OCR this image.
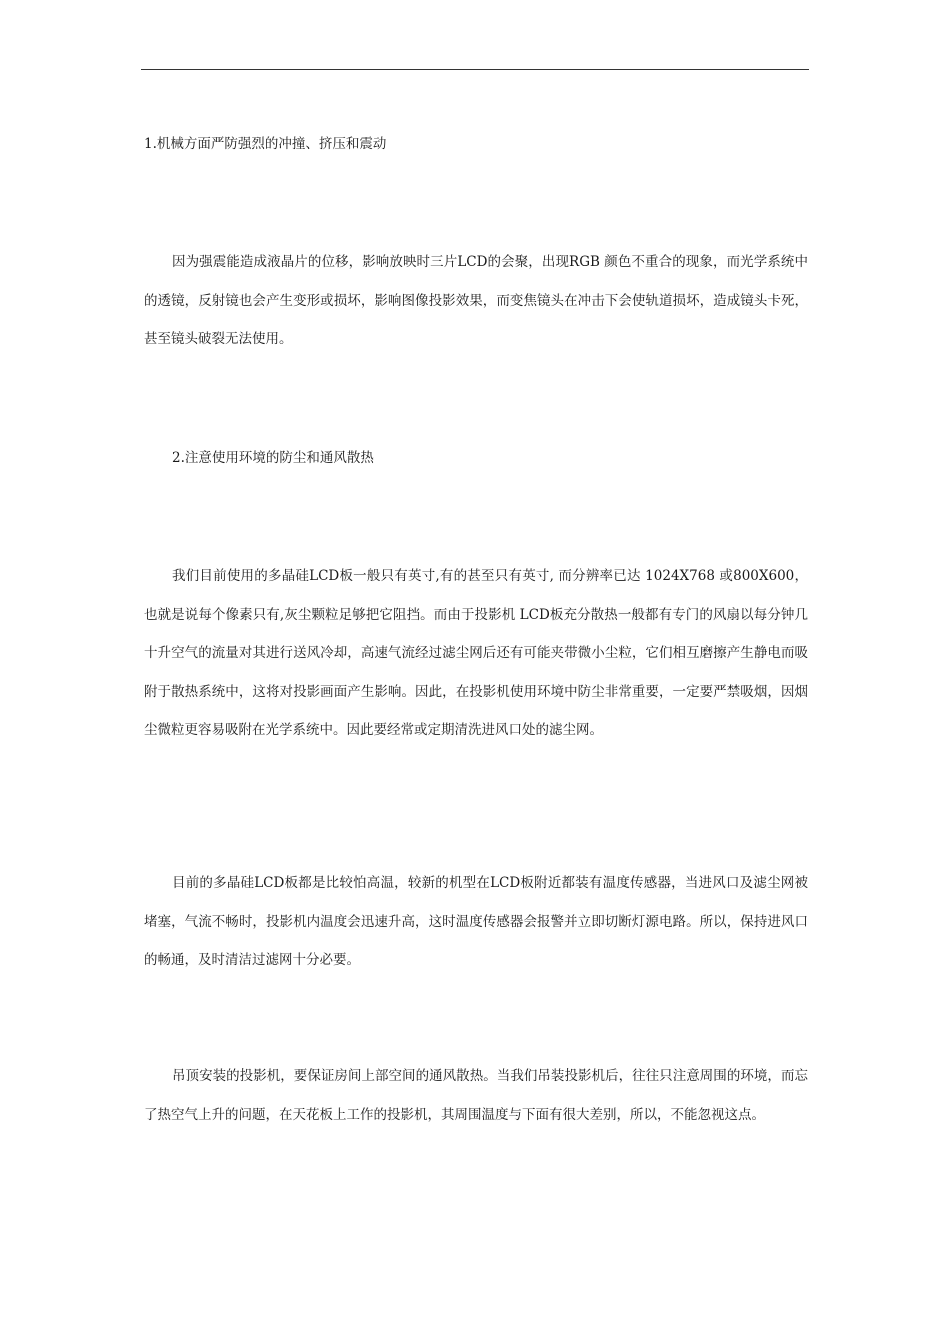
1.机械方面严防强烈的冲撞、挤压和震动

因为强震能造成液晶片的位移，影响放映时三片LCD的会聚，出现RGB 颜色不重合的现象，而光学系统中的透镜，反射镜也会产生变形或损坏，影响图像投影效果，而变焦镜头在冲击下会使轨道损坏，造成镜头卡死，甚至镜头破裂无法使用。

2.注意使用环境的防尘和通风散热

我们目前使用的多晶硅LCD板一般只有英寸,有的甚至只有英寸, 而分辨率已达 1024X768 或800X600，也就是说每个像素只有,灰尘颗粒足够把它阻挡。而由于投影机 LCD板充分散热一般都有专门的风扇以每分钟几十升空气的流量对其进行送风冷却，高速气流经过滤尘网后还有可能夹带微小尘粒，它们相互磨擦产生静电而吸附于散热系统中，这将对投影画面产生影响。因此，在投影机使用环境中防尘非常重要，一定要严禁吸烟，因烟尘微粒更容易吸附在光学系统中。因此要经常或定期清洗进风口处的滤尘网。

目前的多晶硅LCD板都是比较怕高温，较新的机型在LCD板附近都装有温度传感器，当进风口及滤尘网被堵塞，气流不畅时，投影机内温度会迅速升高，这时温度传感器会报警并立即切断灯源电路。所以，保持进风口的畅通，及时清洁过滤网十分必要。

吊顶安装的投影机，要保证房间上部空间的通风散热。当我们吊装投影机后，往往只注意周围的环境，而忘了热空气上升的问题，在天花板上工作的投影机，其周围温度与下面有很大差别，所以，不能忽视这点。
